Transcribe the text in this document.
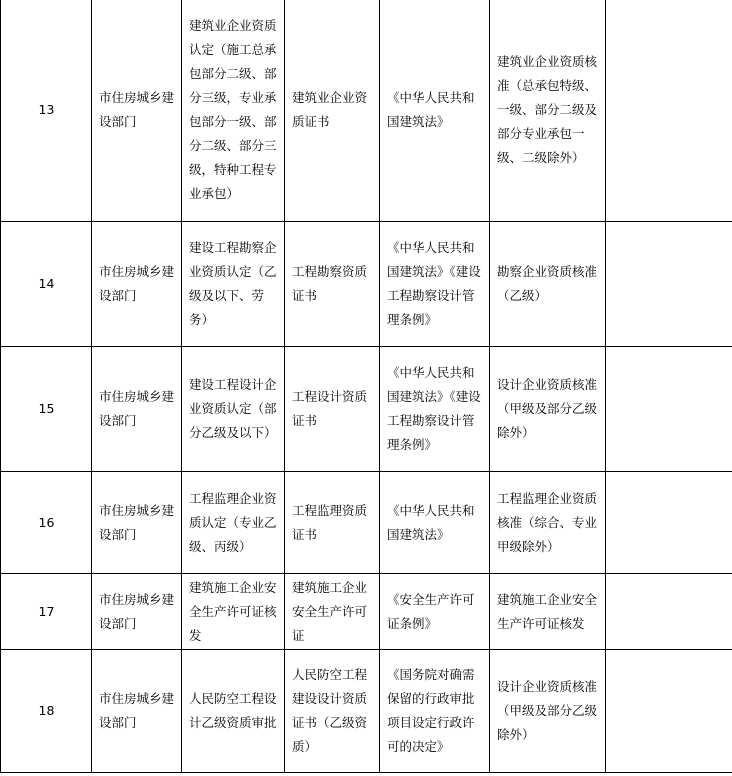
13	市住房城乡建设部门	建筑业企业资质认定（施工总承包部分二级、部分三级，专业承包部分一级、部分二级、部分三级，特种工程专业承包）	建筑业企业资质证书	《中华人民共和国建筑法》	建筑业企业资质核准（总承包特级、一级、部分二级及部分专业承包一级、二级除外）	
14	市住房城乡建设部门	建设工程勘察企业资质认定（乙级及以下、劳务）	工程勘察资质证书	《中华人民共和国建筑法》《建设工程勘察设计管理条例》	勘察企业资质核准（乙级）	
15	市住房城乡建设部门	建设工程设计企业资质认定（部分乙级及以下）	工程设计资质证书	《中华人民共和国建筑法》《建设工程勘察设计管理条例》	设计企业资质核准（甲级及部分乙级除外）	
16	市住房城乡建设部门	工程监理企业资质认定（专业乙级、丙级）	工程监理资质证书	《中华人民共和国建筑法》	工程监理企业资质核准（综合、专业甲级除外）	
17	市住房城乡建设部门	建筑施工企业安全生产许可证核发	建筑施工企业安全生产许可证	《安全生产许可证条例》	建筑施工企业安全生产许可证核发	
18	市住房城乡建设部门	人民防空工程设计乙级资质审批	人民防空工程建设设计资质证书（乙级资质）	《国务院对确需保留的行政审批项目设定行政许可的决定》	设计企业资质核准（甲级及部分乙级除外）	
